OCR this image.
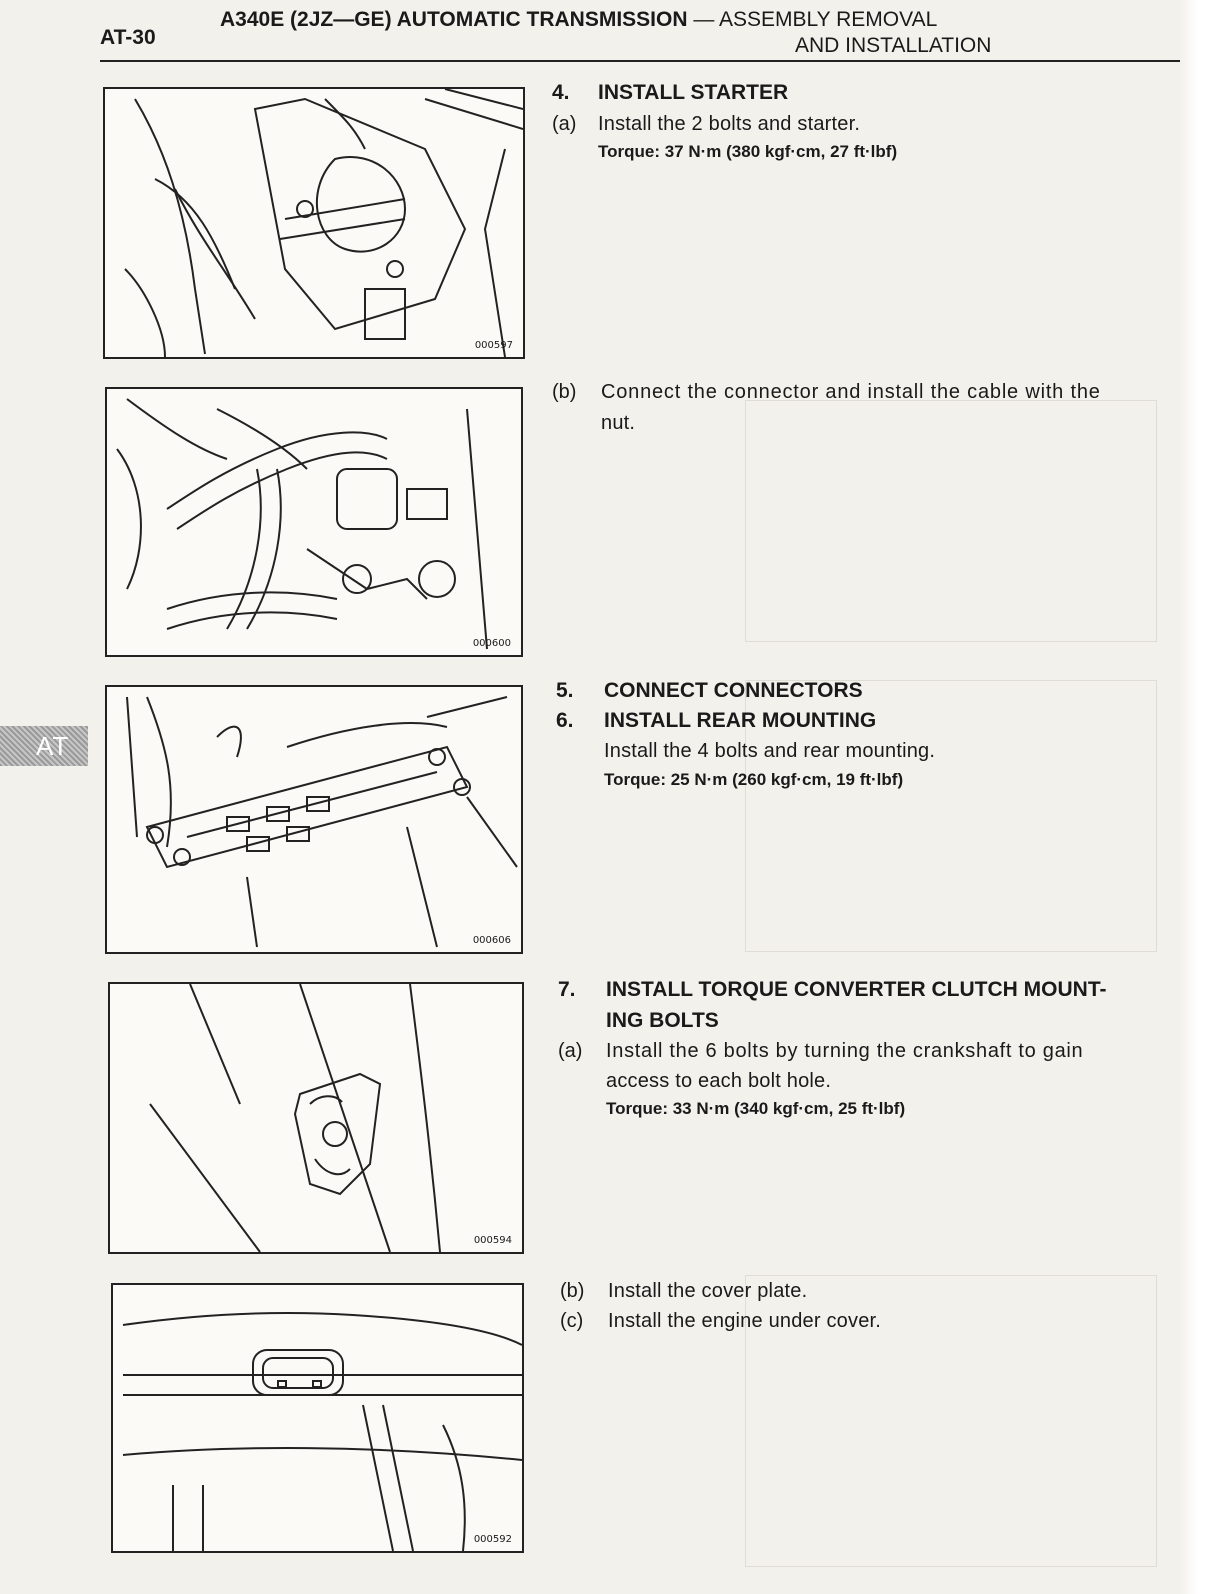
AT-30
A340E (2JZ—GE) AUTOMATIC TRANSMISSION — ASSEMBLY REMOVAL
AND INSTALLATION
AT
000597
000600
000606
000594
000592
4. INSTALL STARTER
(a) Install the 2 bolts and starter.
Torque: 37 N·m (380 kgf·cm, 27 ft·lbf)
(b) Connect the connector and install the cable with the
nut.
5. CONNECT CONNECTORS
6. INSTALL REAR MOUNTING
Install the 4 bolts and rear mounting.
Torque: 25 N·m (260 kgf·cm, 19 ft·lbf)
7. INSTALL TORQUE CONVERTER CLUTCH MOUNT-
ING BOLTS
(a) Install the 6 bolts by turning the crankshaft to gain
access to each bolt hole.
Torque: 33 N·m (340 kgf·cm, 25 ft·lbf)
(b) Install the cover plate.
(c) Install the engine under cover.
